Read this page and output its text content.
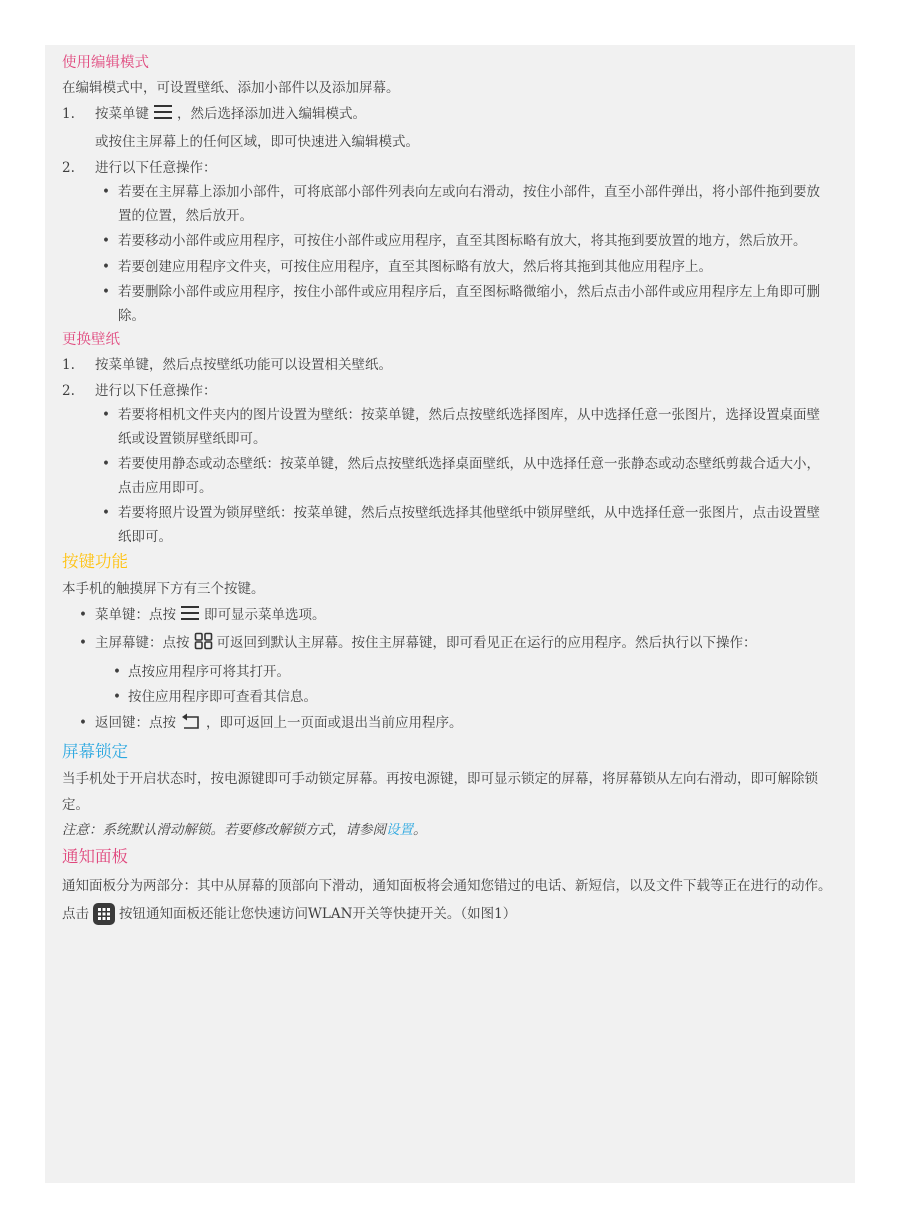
使用编辑模式
在编辑模式中，可设置壁纸、添加小部件以及添加屏幕。
1. 按菜单键 ，然后选择添加进入编辑模式。
或按住主屏幕上的任何区域，即可快速进入编辑模式。
2. 进行以下任意操作：
• 若要在主屏幕上添加小部件，可将底部小部件列表向左或向右滑动，按住小部件，直至小部件弹出，将小部件拖到要放置的位置，然后放开。
• 若要移动小部件或应用程序，可按住小部件或应用程序，直至其图标略有放大，将其拖到要放置的地方，然后放开。
• 若要创建应用程序文件夹，可按住应用程序，直至其图标略有放大，然后将其拖到其他应用程序上。
• 若要删除小部件或应用程序，按住小部件或应用程序后，直至图标略微缩小，然后点击小部件或应用程序左上角即可删除。
更换壁纸
1. 按菜单键，然后点按壁纸功能可以设置相关壁纸。
2. 进行以下任意操作：
• 若要将相机文件夹内的图片设置为壁纸：按菜单键，然后点按壁纸选择图库，从中选择任意一张图片，选择设置桌面壁纸或设置锁屏壁纸即可。
• 若要使用静态或动态壁纸：按菜单键，然后点按壁纸选择桌面壁纸，从中选择任意一张静态或动态壁纸剪裁合适大小，点击应用即可。
• 若要将照片设置为锁屏壁纸：按菜单键，然后点按壁纸选择其他壁纸中锁屏壁纸，从中选择任意一张图片，点击设置壁纸即可。
按键功能
本手机的触摸屏下方有三个按键。
• 菜单键：点按 即可显示菜单选项。
• 主屏幕键：点按 可返回到默认主屏幕。按住主屏幕键，即可看见正在运行的应用程序。然后执行以下操作：
• 点按应用程序可将其打开。
• 按住应用程序即可查看其信息。
• 返回键：点按 ，即可返回上一页面或退出当前应用程序。
屏幕锁定
当手机处于开启状态时，按电源键即可手动锁定屏幕。再按电源键，即可显示锁定的屏幕，将屏幕锁从左向右滑动，即可解除锁定。
注意：系统默认滑动解锁。若要修改解锁方式，请参阅设置。
通知面板
通知面板分为两部分：其中从屏幕的顶部向下滑动，通知面板将会通知您错过的电话、新短信，以及文件下载等正在进行的动作。 点击 按钮通知面板还能让您快速访问WLAN开关等快捷开关。（如图1）
